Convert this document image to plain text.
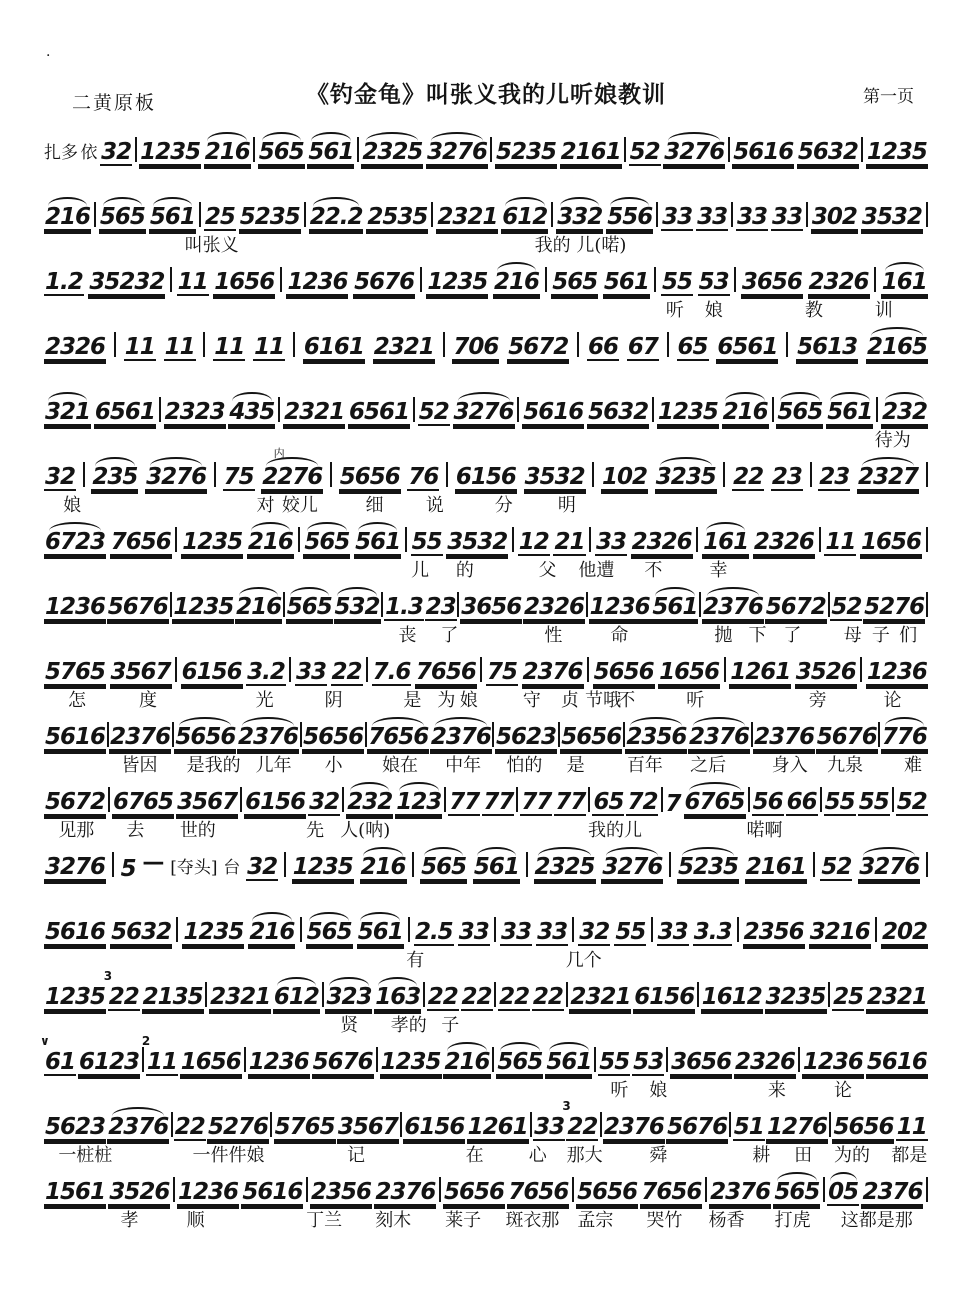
·
二黄原板	《钓金龟》叫张义我的儿听娘教训	第一页
扎多 依 32 1235 216 565 561 2325 3276 5235 2161 52 3276 5616 5632 1235
216 565 561 25 5235 22.2 2535 2321 612 332 556 33 33 33 33 302 3532
叫张义	我的 儿(喏)
1.2 35232 11 1656 1236 5676 1235 216 565 561 55 53 3656 2326 161
听 娘	教	训
2326 11 11 11 11 6161 2321 706 5672 66 67 65 6561 5613 2165
321 6561 2323 435 2321 6561 52 3276 5616 5632 1235 216 565 561 232
待为
32 235 3276 75 2276
内
5656 76 6156 3532 102 3235 22 23 23 2327
娘	对 姣儿	细 说	分	明
6723 7656 1235 216 565 561 55 3532 12 21 33 2326 161 2326 11 1656
儿 的	父 他遭 不	幸
1236 5676 1235 216 565 532 1.3 23 3656 2326 1236 561 2376 5672 52 5276
丧 了	性	命	抛 下 了 母 子 们
5765 3567 6156 3.2 33 22 7.6 7656 75 2376 5656 1656 1261 3526 1236
怎	度	光	阴	是 为 娘	守 贞 节哦
不	听	旁	论
5616 2376 5656 2376 5656 7656 2376 5623 5656 2356 2376 2376 5676 776
皆因 是我的 儿年 小 娘在 中年 怕的 是 百年 之后	身入 九泉 难
5672 6765 3567 6156 32 232 123 77 77 77 77 65 72 7 6765 56 66 55 55 52
见那 去 世的	先 人(呐)	我的儿	喏啊
3276 5 — [夺头] 台 32 1235 216 565 561 2325 3276 5235 2161 52 3276
5616 5632 1235 216 565 561 2.5 33 33 33 32 55 33 3.3 2356 3216 202
有	几个
1235 22
3
2135 2321 612 323 163 22 22 22 22 2321 6156 1612 3235 25 2321
贤 孝的 子
61
∨
6123 11
2
1656 1236 5676 1235 216 565 561 55 53 3656 2326 1236 5616
听 娘	来	论
5623 2376 22 5276 5765 3567 6156 1261 33 22
3
2376 5676 51 1276 5656 11
一桩桩	一件件娘	记	在	心 那大	舜	耕 田 为的 都是
1561 3526 1236 5616 2356 2376 5656 7656 5656 7656 2376 565 05 2376
孝	顺	丁兰 刻木 莱子 斑衣那 孟宗 哭竹 杨香 打虎 这都是那
